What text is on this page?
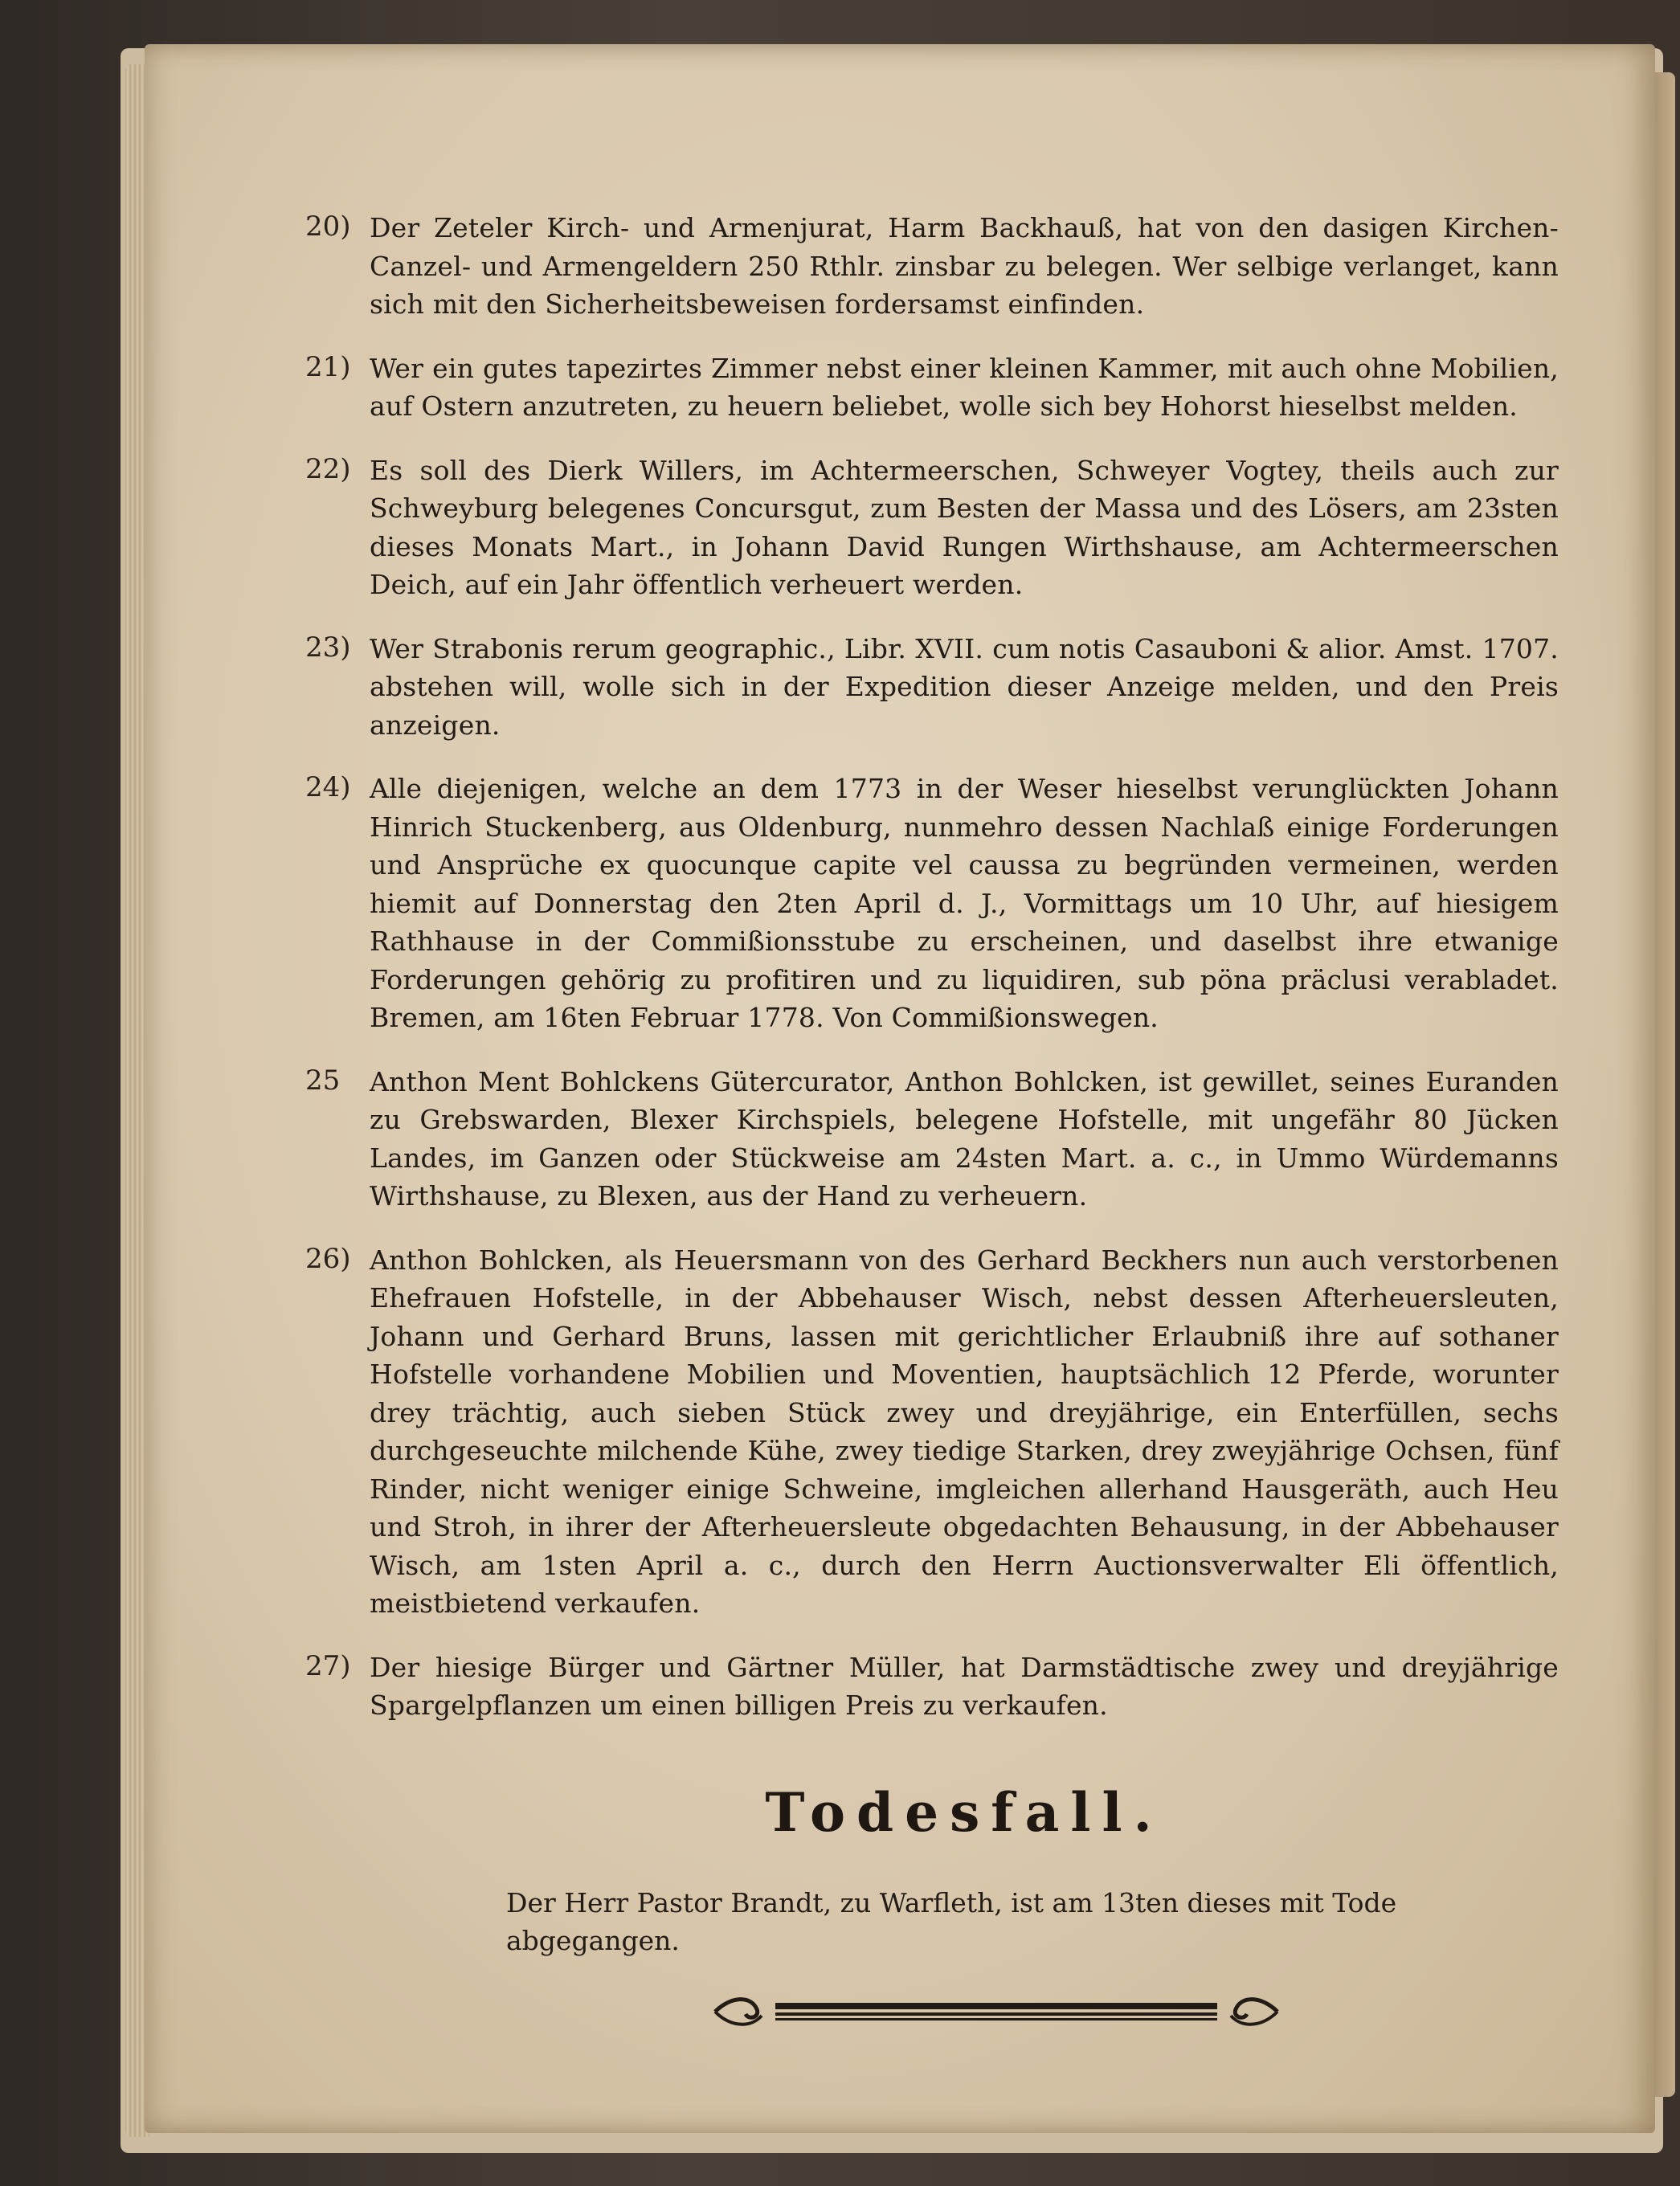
20) Der Zeteler Kirch- und Armenjurat, Harm Backhauß, hat von den dasigen Kirchen-Canzel- und Armengeldern 250 Rthlr. zinsbar zu belegen. Wer selbige verlanget, kann sich mit den Sicherheitsbeweisen fordersamst einfinden.
21) Wer ein gutes tapezirtes Zimmer nebst einer kleinen Kammer, mit auch ohne Mobilien, auf Ostern anzutreten, zu heuern beliebet, wolle sich bey Hohorst hieselbst melden.
22) Es soll des Dierk Willers, im Achtermeerschen, Schweyer Vogtey, theils auch zur Schweyburg belegenes Concursgut, zum Besten der Massa und des Lösers, am 23sten dieses Monats Mart., in Johann David Rungen Wirthshause, am Achtermeerschen Deich, auf ein Jahr öffentlich verheuert werden.
23) Wer Strabonis rerum geographic., Libr. XVII. cum notis Casauboni & alior. Amst. 1707. abstehen will, wolle sich in der Expedition dieser Anzeige melden, und den Preis anzeigen.
24) Alle diejenigen, welche an dem 1773 in der Weser hieselbst verunglückten Johann Hinrich Stuckenberg, aus Oldenburg, nunmehro dessen Nachlaß einige Forderungen und Ansprüche ex quocunque capite vel caussa zu begründen vermeinen, werden hiemit auf Donnerstag den 2ten April d. J., Vormittags um 10 Uhr, auf hiesigem Rathhause in der Commißionsstube zu erscheinen, und daselbst ihre etwanige Forderungen gehörig zu profitiren und zu liquidiren, sub pöna präclusi verabladet. Bremen, am 16ten Februar 1778. Von Commißionswegen.
25	Anthon Ment Bohlckens Gütercurator, Anthon Bohlcken, ist gewillet, seines Euranden zu Grebswarden, Blexer Kirchspiels, belegene Hofstelle, mit ungefähr 80 Jücken Landes, im Ganzen oder Stückweise am 24sten Mart. a. c., in Ummo Würdemanns Wirthshause, zu Blexen, aus der Hand zu verheuern.
26) Anthon Bohlcken, als Heuersmann von des Gerhard Beckhers nun auch verstorbenen Ehefrauen Hofstelle, in der Abbehauser Wisch, nebst dessen Afterheuersleuten, Johann und Gerhard Bruns, lassen mit gerichtlicher Erlaubniß ihre auf sothaner Hofstelle vorhandene Mobilien und Moventien, hauptsächlich 12 Pferde, worunter drey trächtig, auch sieben Stück zwey und dreyjährige, ein Enterfüllen, sechs durchgeseuchte milchende Kühe, zwey tiedige Starken, drey zweyjährige Ochsen, fünf Rinder, nicht weniger einige Schweine, imgleichen allerhand Hausgeräth, auch Heu und Stroh, in ihrer der Afterheuersleute obgedachten Behausung, in der Abbehauser Wisch, am 1sten April a. c., durch den Herrn Auctionsverwalter Eli öffentlich, meistbietend verkaufen.
27) Der hiesige Bürger und Gärtner Müller, hat Darmstädtische zwey und dreyjährige Spargelpflanzen um einen billigen Preis zu verkaufen.
Todesfall.
Der Herr Pastor Brandt, zu Warfleth, ist am 13ten dieses mit Tode abgegangen.
